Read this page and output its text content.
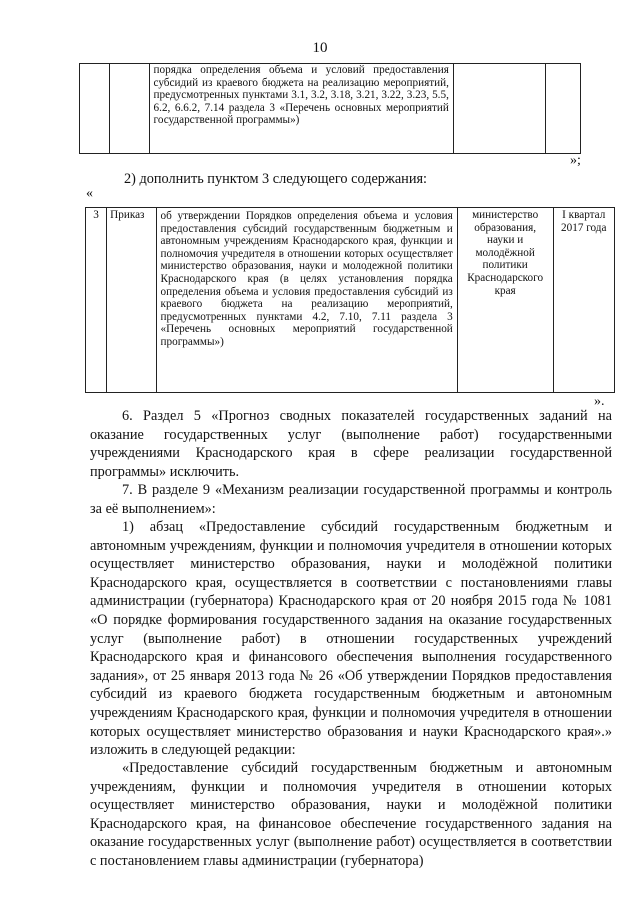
10
		порядка определения объема и условий предоставления субсидий из краевого бюджета на реализацию мероприятий, предусмотренных пунктами 3.1, 3.2, 3.18, 3.21, 3.22, 3.23, 5.5, 6.2, 6.6.2, 7.14 раздела 3 «Перечень основных мероприятий государственной программы»)		
»;
2) дополнить пунктом 3 следующего содержания:
«
3	Приказ	об утверждении Порядков определения объема и условия предоставления субсидий государственным бюджетным и автономным учреждениям Краснодарского края, функции и полномочия учредителя в отношении которых осуществляет министерство образования, науки и молодежной политики Краснодарского края (в целях установления порядка определения объема и условия предоставления субсидий из краевого бюджета на реализацию мероприятий, предусмотренных пунктами 4.2, 7.10, 7.11 раздела 3 «Перечень основных мероприятий государственной программы»)	министерство образования, науки и молодёжной политики Краснодарского края	I квартал 2017 года
».
6. Раздел 5 «Прогноз сводных показателей государственных заданий на оказание государственных услуг (выполнение работ) государственными учреждениями Краснодарского края в сфере реализации государственной программы» исключить.
7. В разделе 9 «Механизм реализации государственной программы и контроль за её выполнением»:
1) абзац «Предоставление субсидий государственным бюджетным и автономным учреждениям, функции и полномочия учредителя в отношении которых осуществляет министерство образования, науки и молодёжной политики Краснодарского края, осуществляется в соответствии с постановлениями главы администрации (губернатора) Краснодарского края от 20 ноября 2015 года № 1081 «О порядке формирования государственного задания на оказание государственных услуг (выполнение работ) в отношении государственных учреждений Краснодарского края и финансового обеспечения выполнения государственного задания», от 25 января 2013 года № 26 «Об утверждении Порядков предоставления субсидий из краевого бюджета государственным бюджетным и автономным учреждениям Краснодарского края, функции и полномочия учредителя в отношении которых осуществляет министерство образования и науки Краснодарского края».» изложить в следующей редакции:
«Предоставление субсидий государственным бюджетным и автономным учреждениям, функции и полномочия учредителя в отношении которых осуществляет министерство образования, науки и молодёжной политики Краснодарского края, на финансовое обеспечение государственного задания на оказание государственных услуг (выполнение работ) осуществляется в соответствии с постановлением главы администрации (губернатора)
